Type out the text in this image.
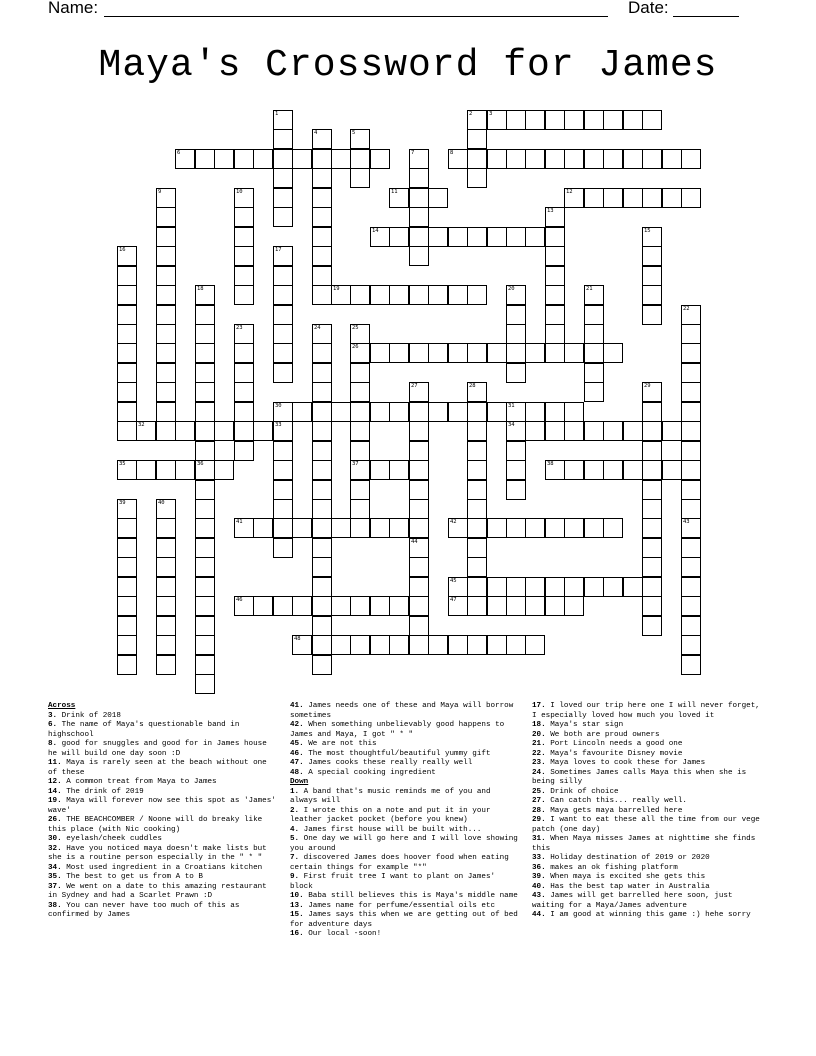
Name:	Date:
Maya's Crossword for James
1	2	3
4	5
6	7	8
9	10	11	12
13
14	15
16	17
18
36
19	20	21
22
23	24	25
26
37
27
44
28	29
30	31
34
32	33
35	38
39	40
41	42	43
45
46	47
48

Across

3. Drink of 2018

6. The name of Maya's questionable band in highschool

8. good for snuggles and good for in James house he will build one day soon :D

11. Maya is rarely seen at the beach without one of these

12. A common treat from Maya to James

14. The drink of 2019

19. Maya will forever now see this spot as 'James' wave'

26. THE BEACHCOMBER / Noone will do breaky like this place (with Nic cooking)

30. eyelash/cheek cuddles

32. Have you noticed maya doesn't make lists but she is a routine person especially in the " * "

34. Most used ingredient in a Croatians kitchen

35. The best to get us from A to B

37. We went on a date to this amazing restaurant in Sydney and had a Scarlet Prawn :D

38. You can never have too much of this as confirmed by James

41. James needs one of these and Maya will borrow sometimes

42. When something unbelievably good happens to James and Maya, I got " * "

45. We are not this

46. The most thoughtful/beautiful yummy gift

47. James cooks these really really well

48. A special cooking ingredient

Down

1. A band that's music reminds me of you and always will

2. I wrote this on a note and put it in your leather jacket pocket (before you knew)

4. James first house will be built with...

5. One day we will go here and I will love showing you around

7. discovered James does hoover food when eating certain things for example "*"

9. First fruit tree I want to plant on James' block

10. Baba still believes this is Maya's middle name

13. James name for perfume/essential oils etc

15. James says this when we are getting out of bed for adventure days

16. Our local -soon!

17. I loved our trip here one I will never forget, I especially loved how much you loved it

18. Maya's star sign

20. We both are proud owners

21. Port Lincoln needs a good one

22. Maya's favourite Disney movie

23. Maya loves to cook these for James

24. Sometimes James calls Maya this when she is being silly

25. Drink of choice

27. Can catch this... really well.

28. Maya gets maya barrelled here

29. I want to eat these all the time from our vege patch (one day)

31. When Maya misses James at nighttime she finds this

33. Holiday destination of 2019 or 2020

36. makes an ok fishing platform

39. When maya is excited she gets this

40. Has the best tap water in Australia

43. James will get barrelled here soon, just waiting for a Maya/James adventure

44. I am good at winning this game :) hehe sorry
